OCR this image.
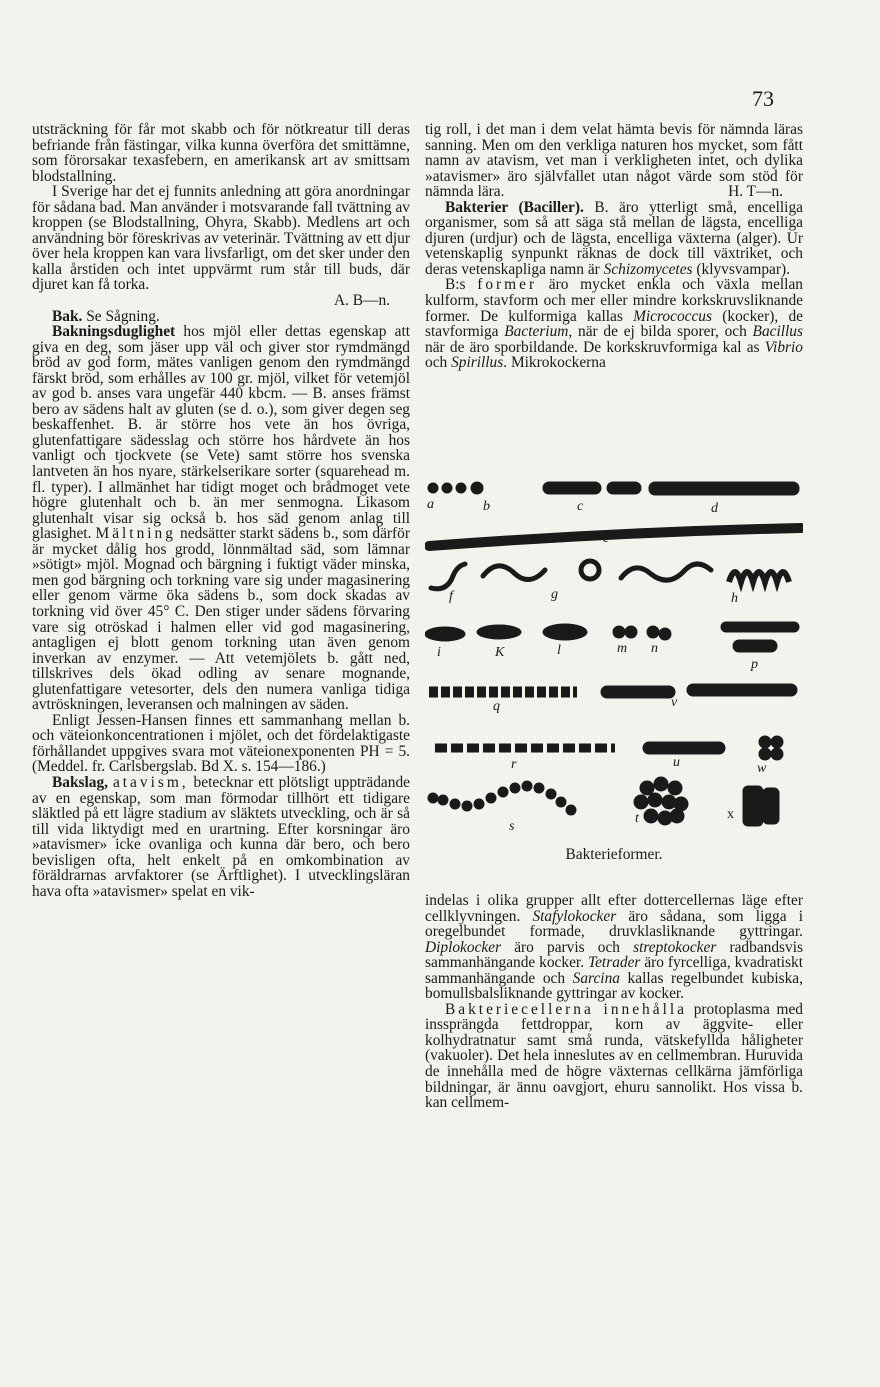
73

utsträckning för får mot skabb och för nötkreatur till deras befriande från fästingar, vilka kunna överföra det smittämne, som förorsakar texasfebern, en amerikansk art av smittsam blodstallning.

I Sverige har det ej funnits anledning att göra anordningar för sådana bad. Man använder i motsvarande fall tvättning av kroppen (se Blodstallning, Ohyra, Skabb). Medlens art och användning bör föreskrivas av veterinär. Tvättning av ett djur över hela kroppen kan vara livsfarligt, om det sker under den kalla årstiden och intet uppvärmt rum står till buds, där djuret kan få torka.

A. B—n.

Bak. Se Sågning.

Bakningsduglighet hos mjöl eller dettas egenskap att giva en deg, som jäser upp väl och giver stor rymdmängd bröd av god form, mätes vanligen genom den rymdmängd färskt bröd, som erhålles av 100 gr. mjöl, vilket för vetemjöl av god b. anses vara ungefär 440 kbcm. — B. anses främst bero av sädens halt av gluten (se d. o.), som giver degen seg beskaffenhet. B. är större hos vete än hos övriga, glutenfattigare sädesslag och större hos hårdvete än hos vanligt och tjockvete (se Vete) samt större hos svenska lantveten än hos nyare, stärkelserikare sorter (squarehead m. fl. typer). I allmänhet har tidigt moget och brådmoget vete högre glutenhalt och b. än mer senmogna. Likasom glutenhalt visar sig också b. hos säd genom anlag till glasighet. Mältning nedsätter starkt sädens b., som därför är mycket dålig hos grodd, lönnmältad säd, som lämnar »sötigt» mjöl. Mognad och bärgning i fuktigt väder minska, men god bärgning och torkning vare sig under magasinering eller genom värme öka sädens b., som dock skadas av torkning vid över 45° C. Den stiger under sädens förvaring vare sig otröskad i halmen eller vid god magasinering, antagligen ej blott genom torkning utan även genom inverkan av enzymer. — Att vetemjölets b. gått ned, tillskrives dels ökad odling av senare mognande, glutenfattigare vetesorter, dels den numera vanliga tidiga avtröskningen, leveransen och malningen av säden.

Enligt Jessen-Hansen finnes ett sammanhang mellan b. och väteionkoncentrationen i mjölet, och det fördelaktigaste förhållandet uppgives svara mot väteionexponenten PH = 5. (Meddel. fr. Carlsbergslab. Bd X. s. 154—186.)

Bakslag, atavism, betecknar ett plötsligt uppträdande av en egenskap, som man förmodar tillhört ett tidigare släktled på ett lägre stadium av släktets utveckling, och är så till vida liktydigt med en urartning. Efter korsningar äro »atavismer» icke ovanliga och kunna där bero, och bero bevisligen ofta, helt enkelt på en omkombination av föräldrarnas arvfaktorer (se Ärftlighet). I utvecklingsläran hava ofta »atavismer» spelat en vik-

tig roll, i det man i dem velat hämta bevis för nämnda läras sanning. Men om den verkliga naturen hos mycket, som fått namn av atavism, vet man i verkligheten intet, och dylika »atavismer» äro självfallet utan något värde som stöd för nämnda lära.	H. T—n.

Bakterier (Baciller). B. äro ytterligt små, encelliga organismer, som så att säga stå mellan de lägsta, encelliga djuren (urdjur) och de lägsta, encelliga växterna (alger). Ur vetenskaplig synpunkt räknas de dock till växtriket, och deras vetenskapliga namn är Schizomycetes (klyvsvampar).

B:s former äro mycket enkla och växla mellan kulform, stavform och mer eller mindre korkskruvsliknande former. De kulformiga kallas Micrococcus (kocker), de stavformiga Bacterium, när de ej bilda sporer, och Bacillus när de äro sporbildande. De korkskruvformiga kal as Vibrio och Spirillus. Mikrokockerna

a	b	c	d
e
f	g	h
i	K	l	m n
p
q	v
r	u	w
s
t	x
Bakterieformer.

indelas i olika grupper allt efter dottercellernas läge efter cellklyvningen. Stafylokocker äro sådana, som ligga i oregelbundet formade, druvklasliknande gyttringar. Diplokocker äro parvis och streptokocker radbandsvis sammanhängande kocker. Tetrader äro fyrcelliga, kvadratiskt sammanhängande och Sarcina kallas regelbundet kubiska, bomullsbalsliknande gyttringar av kocker.

Bakteriecellerna innehålla protoplasma med inssprängda fettdroppar, korn av äggvite- eller kolhydratnatur samt små runda, vätskefyllda håligheter (vakuoler). Det hela inneslutes av en cellmembran. Huruvida de innehålla med de högre växternas cellkärna jämförliga bildningar, är ännu oavgjort, ehuru sannolikt. Hos vissa b. kan cellmem-
